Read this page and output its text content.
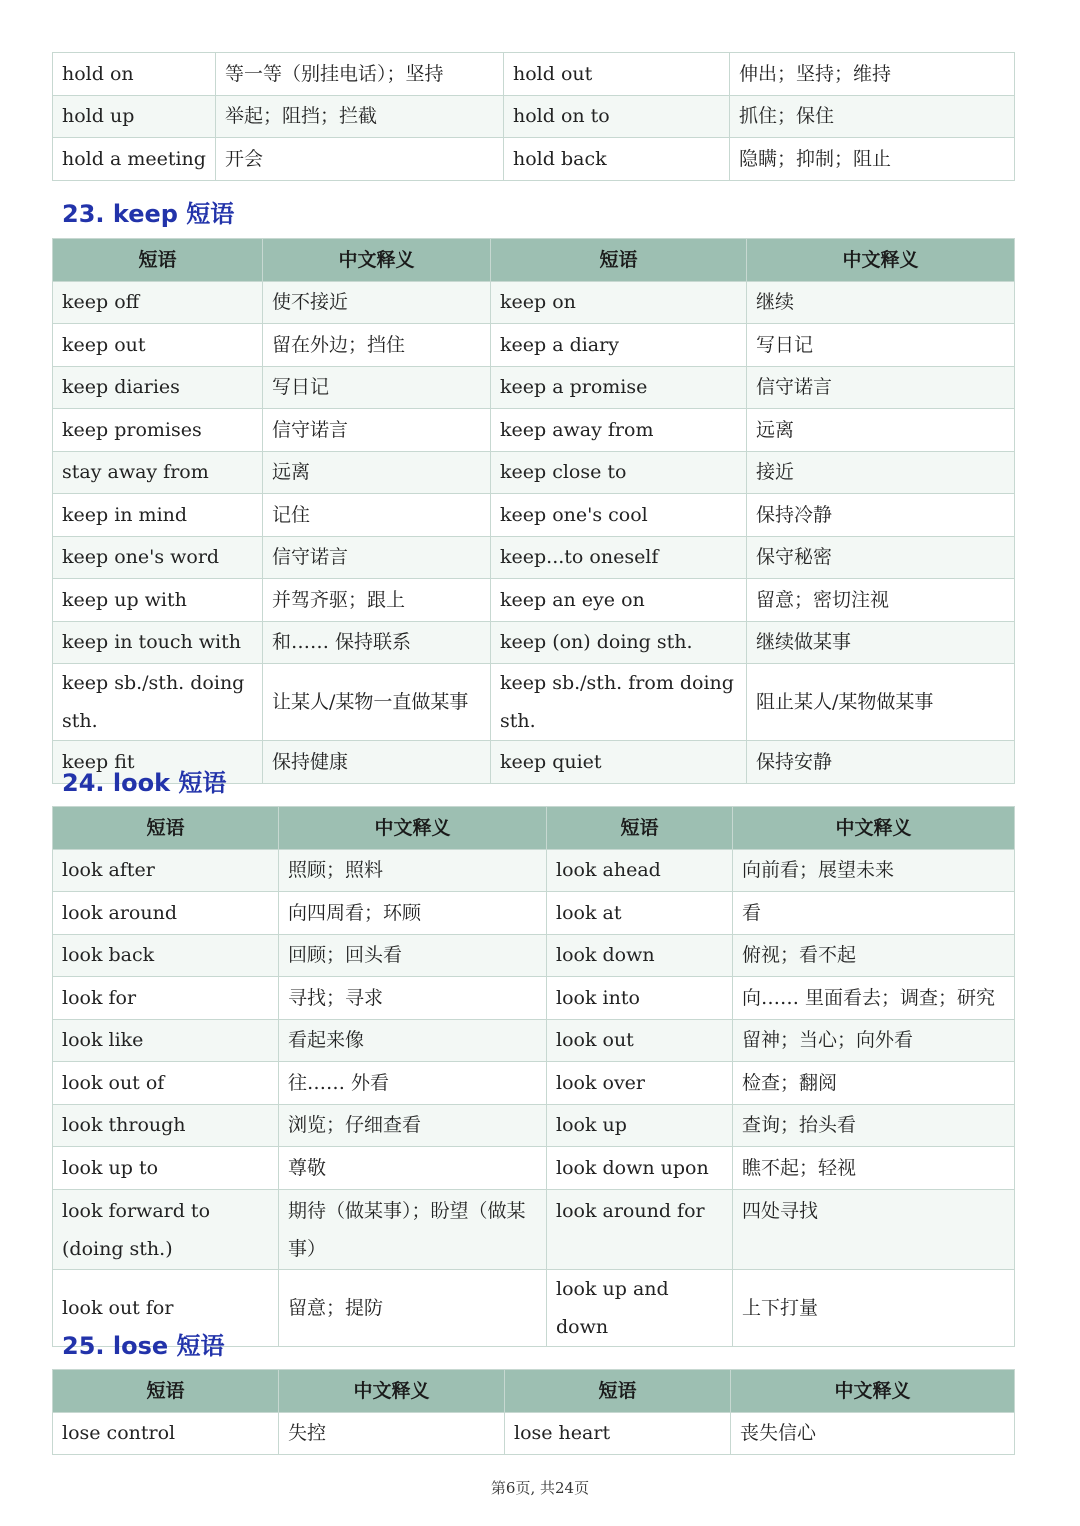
hold on	等一等（别挂电话）；坚持	hold out	伸出；坚持；维持
hold up	举起；阻挡；拦截	hold on to	抓住；保住
hold a meeting	开会	hold back	隐瞒；抑制；阻止
23. keep 短语
短语	中文释义	短语	中文释义
keep off	使不接近	keep on	继续
keep out	留在外边；挡住	keep a diary	写日记
keep diaries	写日记	keep a promise	信守诺言
keep promises	信守诺言	keep away from	远离
stay away from	远离	keep close to	接近
keep in mind	记住	keep one's cool	保持冷静
keep one's word	信守诺言	keep...to oneself	保守秘密
keep up with	并驾齐驱；跟上	keep an eye on	留意；密切注视
keep in touch with	和…… 保持联系	keep (on) doing sth.	继续做某事
keep sb./sth. doing sth.	让某人/某物一直做某事	keep sb./sth. from doing sth.	阻止某人/某物做某事
keep fit	保持健康	keep quiet	保持安静
24. look 短语
短语	中文释义	短语	中文释义
look after	照顾；照料	look ahead	向前看；展望未来
look around	向四周看；环顾	look at	看
look back	回顾；回头看	look down	俯视；看不起
look for	寻找；寻求	look into	向…… 里面看去；调查；研究
look like	看起来像	look out	留神；当心；向外看
look out of	往…… 外看	look over	检查；翻阅
look through	浏览；仔细查看	look up	查询；抬头看
look up to	尊敬	look down upon	瞧不起；轻视
look forward to (doing sth.)	期待（做某事）；盼望（做某事）	look around for	四处寻找
look out for	留意；提防	look up and down	上下打量
25. lose 短语
短语	中文释义	短语	中文释义
lose control	失控	lose heart	丧失信心
第6页, 共24页
